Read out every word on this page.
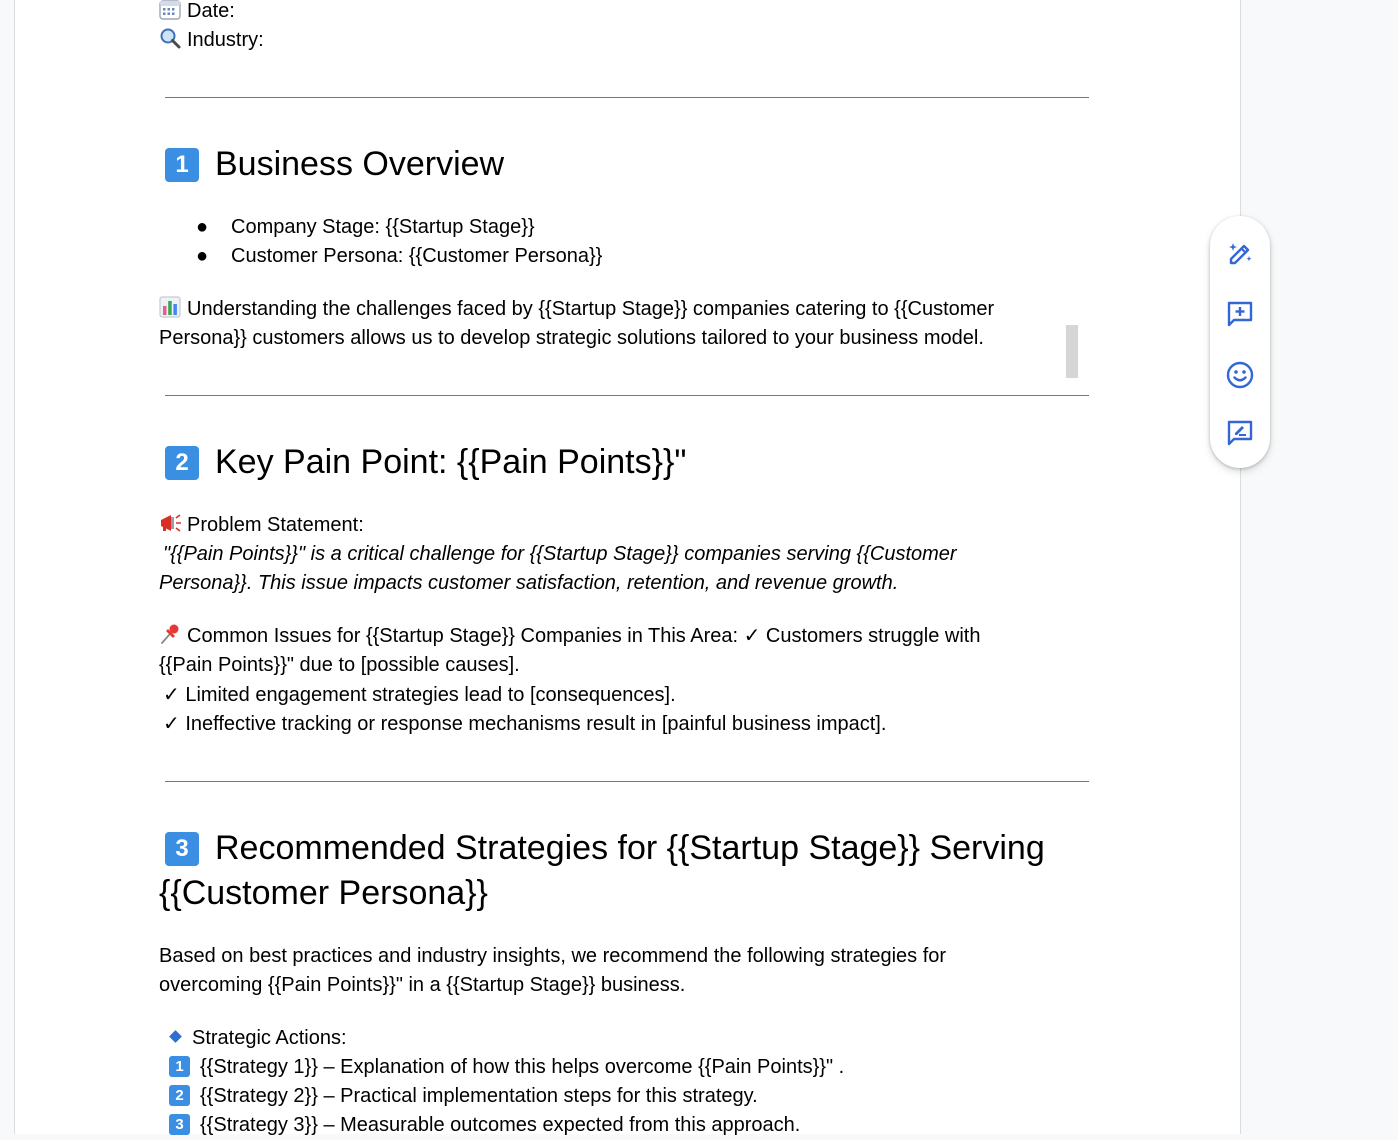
Date:
Industry:
1 Business Overview
● Company Stage: {{Startup Stage}}
● Customer Persona: {{Customer Persona}}
Understanding the challenges faced by {{Startup Stage}} companies catering to {{Customer
Persona}} customers allows us to develop strategic solutions tailored to your business model.
2 Key Pain Point: {{Pain Points}}"
Problem Statement:
"{{Pain Points}}" is a critical challenge for {{Startup Stage}} companies serving {{Customer
Persona}}. This issue impacts customer satisfaction, retention, and revenue growth.
Common Issues for {{Startup Stage}} Companies in This Area: ✓ Customers struggle with
{{Pain Points}}" due to [possible causes].
✓ Limited engagement strategies lead to [consequences].
✓ Ineffective tracking or response mechanisms result in [painful business impact].
3 Recommended Strategies for {{Startup Stage}} Serving
{{Customer Persona}}
Based on best practices and industry insights, we recommend the following strategies for
overcoming {{Pain Points}}" in a {{Startup Stage}} business.
Strategic Actions:
1 {{Strategy 1}} – Explanation of how this helps overcome {{Pain Points}}" .
2 {{Strategy 2}} – Practical implementation steps for this strategy.
3 {{Strategy 3}} – Measurable outcomes expected from this approach.
